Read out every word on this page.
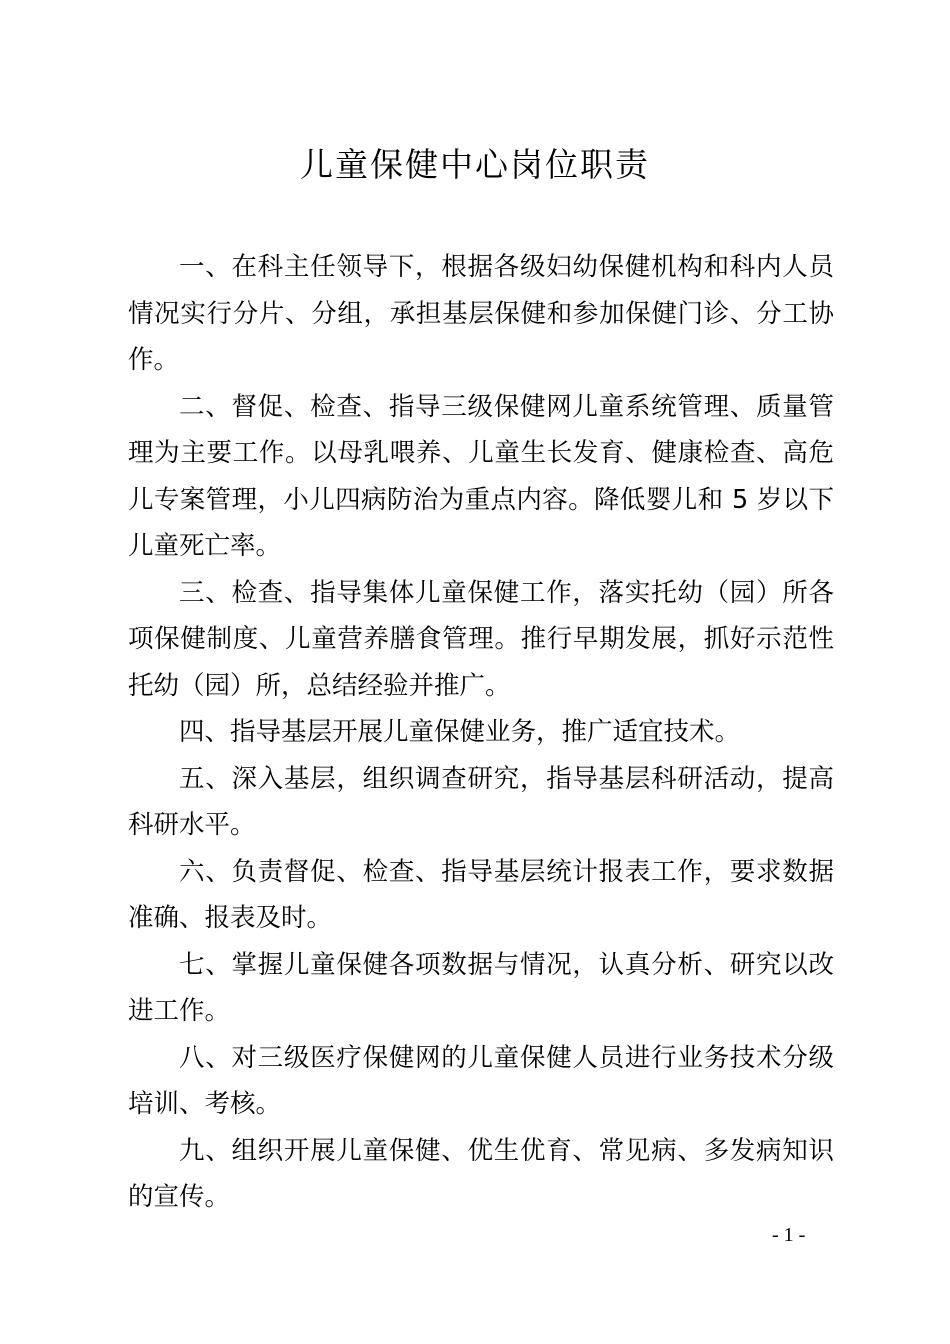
儿童保健中心岗位职责

一、在科主任领导下，根据各级妇幼保健机构和科内人员情况实行分片、分组，承担基层保健和参加保健门诊、分工协作。

二、督促、检查、指导三级保健网儿童系统管理、质量管理为主要工作。以母乳喂养、儿童生长发育、健康检查、高危儿专案管理，小儿四病防治为重点内容。降低婴儿和 5 岁以下儿童死亡率。

三、检查、指导集体儿童保健工作，落实托幼（园）所各项保健制度、儿童营养膳食管理。推行早期发展，抓好示范性托幼（园）所，总结经验并推广。

四、指导基层开展儿童保健业务，推广适宜技术。

五、深入基层，组织调查研究，指导基层科研活动，提高科研水平。

六、负责督促、检查、指导基层统计报表工作，要求数据准确、报表及时。

七、掌握儿童保健各项数据与情况，认真分析、研究以改进工作。

八、对三级医疗保健网的儿童保健人员进行业务技术分级培训、考核。

九、组织开展儿童保健、优生优育、常见病、多发病知识的宣传。

- 1 -
